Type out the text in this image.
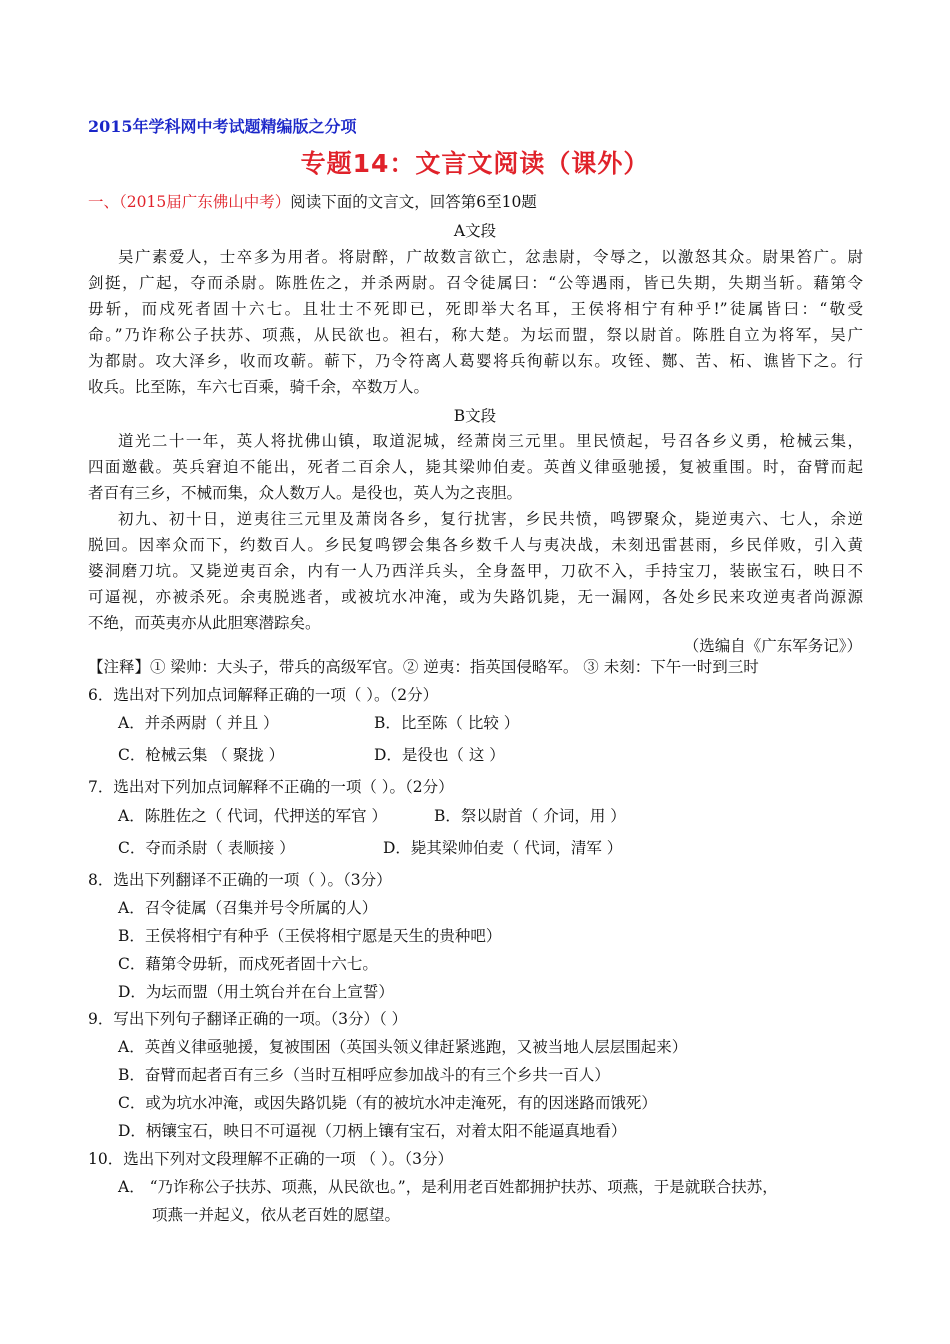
2015年学科网中考试题精编版之分项
专题14：文言文阅读（课外）
一、（2015届广东佛山中考）阅读下面的文言文，回答第6至10题
A文段
吴广素爱人，士卒多为用者。将尉醉，广故数言欲亡，忿恚尉，令辱之，以激怒其众。尉果笞广。尉
剑挺，广起，夺而杀尉。陈胜佐之，并杀两尉。召令徒属曰：“公等遇雨，皆已失期，失期当斩。藉第令
毋斩，而戍死者固十六七。且壮士不死即已，死即举大名耳，王侯将相宁有种乎!”徒属皆曰：“敬受
命。”乃诈称公子扶苏、项燕，从民欲也。袒右，称大楚。为坛而盟，祭以尉首。陈胜自立为将军，吴广
为都尉。攻大泽乡，收而攻蕲。蕲下，乃令符离人葛婴将兵徇蕲以东。攻铚、酂、苦、柘、谯皆下之。行
收兵。比至陈，车六七百乘，骑千余，卒数万人。
B文段
道光二十一年，英人将扰佛山镇，取道泥城，经萧岗三元里。里民愤起，号召各乡义勇，枪械云集，
四面邀截。英兵窘迫不能出，死者二百余人，毙其梁帅伯麦。英酋义律亟驰援，复被重围。时，奋臂而起
者百有三乡，不械而集，众人数万人。是役也，英人为之丧胆。
初九、初十日，逆夷往三元里及萧岗各乡，复行扰害，乡民共愤，鸣锣聚众，毙逆夷六、七人，余逆
脱回。因率众而下，约数百人。乡民复鸣锣会集各乡数千人与夷决战，未刻迅雷甚雨，乡民佯败，引入黄
婆洞磨刀坑。又毙逆夷百余，内有一人乃西洋兵头，全身盔甲，刀砍不入，手持宝刀，装嵌宝石，映日不
可逼视，亦被杀死。余夷脱逃者，或被坑水冲淹，或为失路饥毙，无一漏网，各处乡民来攻逆夷者尚源源
不绝，而英夷亦从此胆寒潜踪矣。
（选编自《广东军务记》）
【注释】① 梁帅：大头子，带兵的高级军官。② 逆夷：指英国侵略军。 ③ 未刻：下午一时到三时
6．选出对下列加点词解释正确的一项（ ）。（2分）
A．并杀两尉（ 并且 ）	B．比至陈（ 比较 ）
C．枪械云集 （ 聚拢 ）	D．是役也（ 这 ）
7．选出对下列加点词解释不正确的一项（ ）。（2分）
A．陈胜佐之（ 代词，代押送的军官 ）	B．祭以尉首（ 介词，用 ）
C．夺而杀尉（ 表顺接 ）	D．毙其梁帅伯麦（ 代词，清军 ）
8．选出下列翻译不正确的一项（ ）。（3分）
A．召令徒属（召集并号令所属的人）
B．王侯将相宁有种乎（王侯将相宁愿是天生的贵种吧）
C．藉第令毋斩，而戍死者固十六七。
D．为坛而盟（用土筑台并在台上宣誓）
9．写出下列句子翻译正确的一项。（3分）（ ）
A．英酋义律亟驰援，复被围困（英国头领义律赶紧逃跑，又被当地人层层围起来）
B．奋臂而起者百有三乡（当时互相呼应参加战斗的有三个乡共一百人）
C．或为坑水冲淹，或因失路饥毙（有的被坑水冲走淹死，有的因迷路而饿死）
D．柄镶宝石，映日不可逼视（刀柄上镶有宝石，对着太阳不能逼真地看）
10．选出下列对文段理解不正确的一项 （ ）。（3分）
A． “乃诈称公子扶苏、项燕，从民欲也。”，是利用老百姓都拥护扶苏、项燕，于是就联合扶苏，
项燕一并起义，依从老百姓的愿望。
